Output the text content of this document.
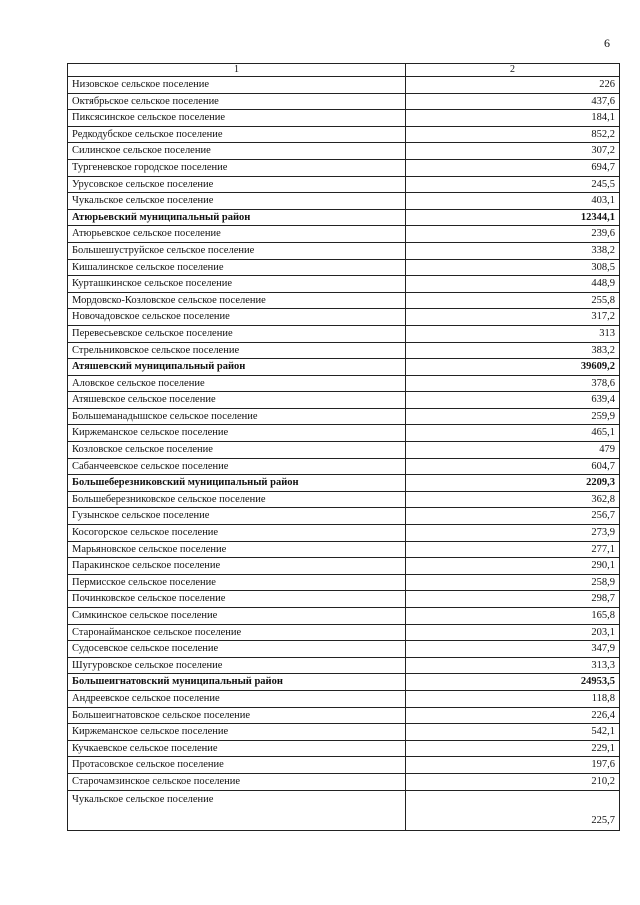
6
1	2
Низовское сельское поселение	226
Октябрьское сельское поселение	437,6
Пиксясинское сельское поселение	184,1
Редкодубское сельское поселение	852,2
Силинское сельское поселение	307,2
Тургеневское городское поселение	694,7
Урусовское сельское поселение	245,5
Чукальское сельское поселение	403,1
Атюрьевский муниципальный район	12344,1
Атюрьевское сельское поселение	239,6
Большешуструйское сельское поселение	338,2
Кишалинское сельское поселение	308,5
Курташкинское сельское поселение	448,9
Мордовско-Козловское сельское поселение	255,8
Новочадовское сельское поселение	317,2
Перевесьевское сельское поселение	313
Стрельниковское сельское поселение	383,2
Атяшевский муниципальный район	39609,2
Аловское сельское поселение	378,6
Атяшевское сельское поселение	639,4
Большеманадышское сельское поселение	259,9
Киржеманское сельское поселение	465,1
Козловское сельское поселение	479
Сабанчеевское сельское поселение	604,7
Большеберезниковский муниципальный район	2209,3
Большеберезниковское сельское поселение	362,8
Гузынское сельское поселение	256,7
Косогорское сельское поселение	273,9
Марьяновское сельское поселение	277,1
Паракинское сельское поселение	290,1
Пермисское сельское поселение	258,9
Починковское сельское поселение	298,7
Симкинское сельское поселение	165,8
Старонайманское сельское поселение	203,1
Судосевское сельское поселение	347,9
Шугуровское сельское поселение	313,3
Большеигнатовский муниципальный район	24953,5
Андреевское сельское поселение	118,8
Большеигнатовское сельское поселение	226,4
Киржеманское сельское поселение	542,1
Кучкаевское сельское поселение	229,1
Протасовское сельское поселение	197,6
Старочамзинское сельское поселение	210,2
Чукальское сельское поселение	225,7
